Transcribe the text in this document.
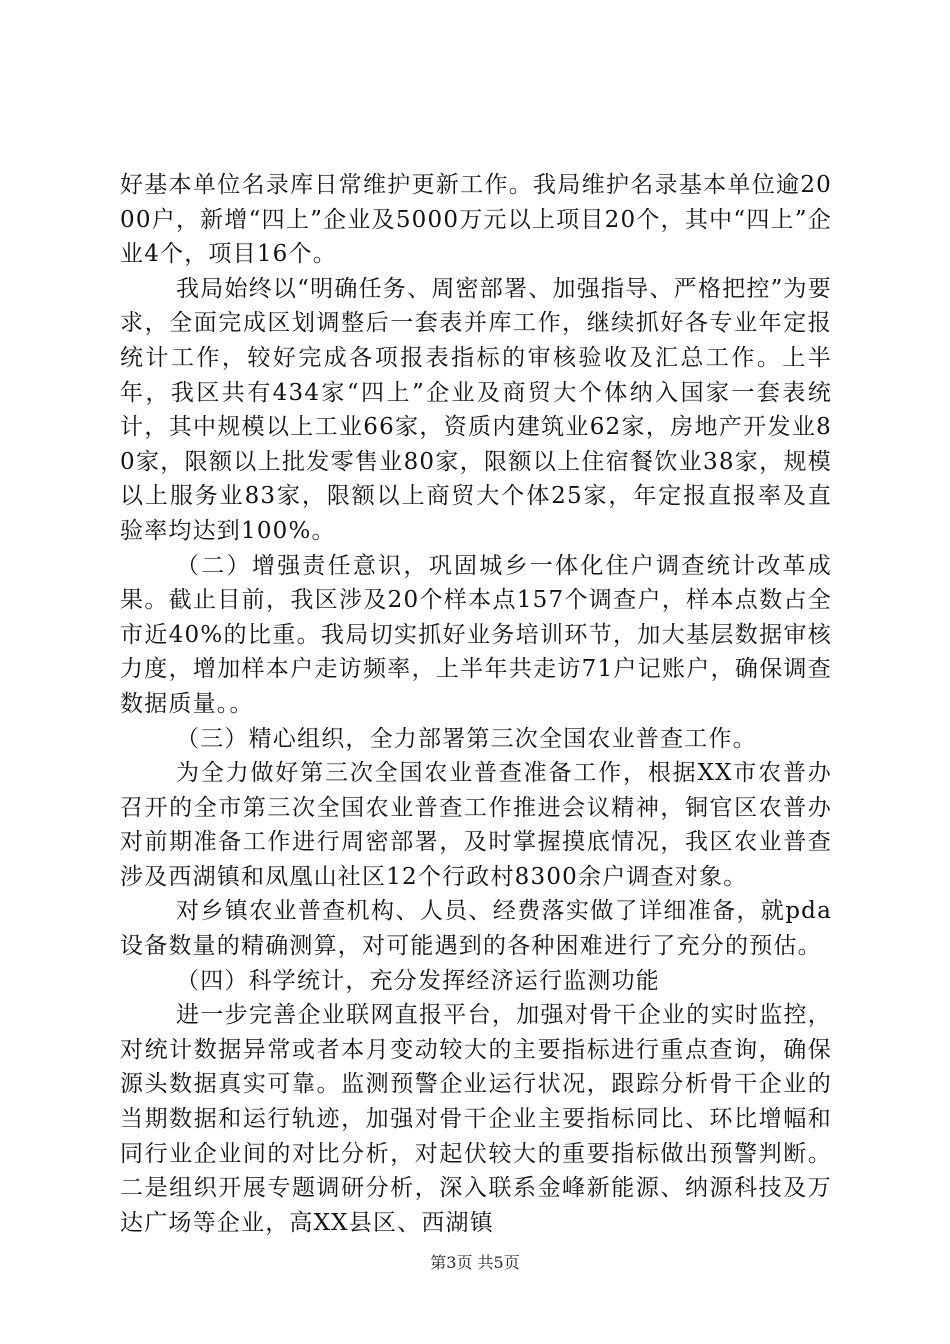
好基本单位名录库日常维护更新工作。我局维护名录基本单位逾2000户，新增“四上”企业及5000万元以上项目20个，其中“四上”企业4个，项目16个。

我局始终以“明确任务、周密部署、加强指导、严格把控”为要求，全面完成区划调整后一套表并库工作，继续抓好各专业年定报统计工作，较好完成各项报表指标的审核验收及汇总工作。上半年，我区共有434家“四上”企业及商贸大个体纳入国家一套表统计，其中规模以上工业66家，资质内建筑业62家，房地产开发业80家，限额以上批发零售业80家，限额以上住宿餐饮业38家，规模以上服务业83家，限额以上商贸大个体25家，年定报直报率及直验率均达到100%。

（二）增强责任意识，巩固城乡一体化住户调查统计改革成果。截止目前，我区涉及20个样本点157个调查户，样本点数占全市近40%的比重。我局切实抓好业务培训环节，加大基层数据审核力度，增加样本户走访频率，上半年共走访71户记账户，确保调查数据质量。。

（三）精心组织，全力部署第三次全国农业普查工作。

为全力做好第三次全国农业普查准备工作，根据XX市农普办召开的全市第三次全国农业普查工作推进会议精神，铜官区农普办对前期准备工作进行周密部署，及时掌握摸底情况，我区农业普查涉及西湖镇和凤凰山社区12个行政村8300余户调查对象。

对乡镇农业普查机构、人员、经费落实做了详细准备，就pda设备数量的精确测算，对可能遇到的各种困难进行了充分的预估。

（四）科学统计，充分发挥经济运行监测功能

进一步完善企业联网直报平台，加强对骨干企业的实时监控，对统计数据异常或者本月变动较大的主要指标进行重点查询，确保源头数据真实可靠。监测预警企业运行状况，跟踪分析骨干企业的当期数据和运行轨迹，加强对骨干企业主要指标同比、环比增幅和同行业企业间的对比分析，对起伏较大的重要指标做出预警判断。二是组织开展专题调研分析，深入联系金峰新能源、纳源科技及万达广场等企业，高XX县区、西湖镇

第3页 共5页
